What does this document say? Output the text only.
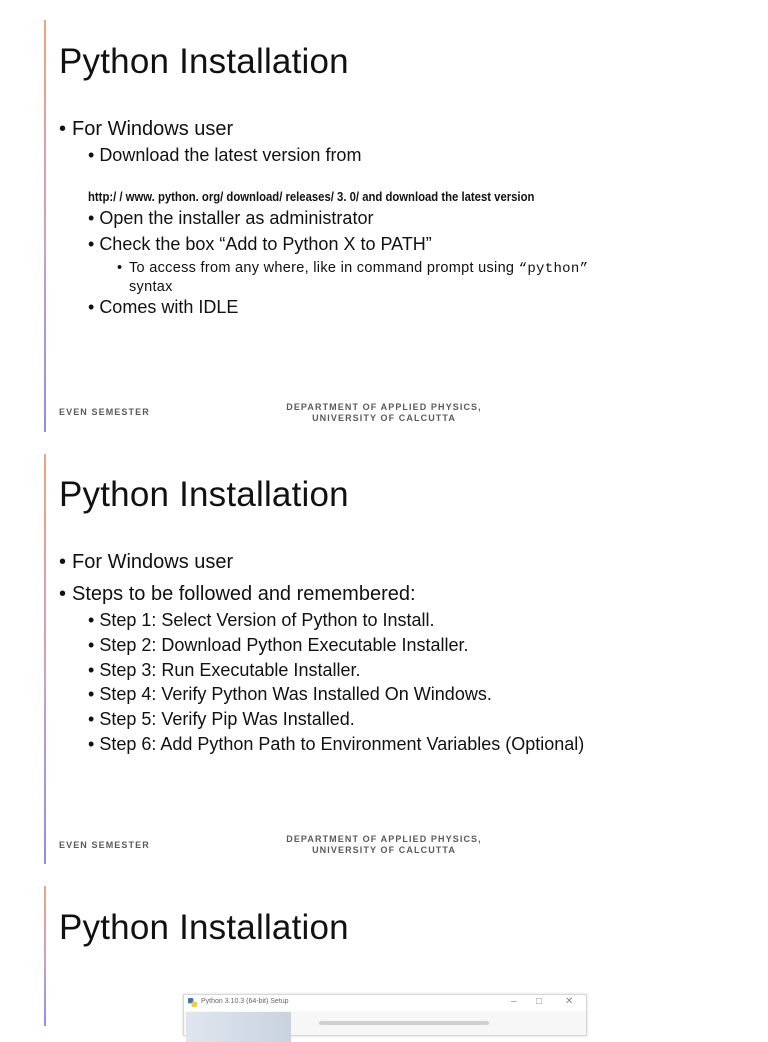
Python Installation
• For Windows user
• Download the latest version from
http:/ / www. python. org/ download/ releases/ 3. 0/ and download the latest version
• Open the installer as administrator
• Check the box “Add to Python X to PATH”
• To access from any where, like in command prompt using “python”
syntax
• Comes with IDLE
EVEN SEMESTER	DEPARTMENT OF APPLIED PHYSICS,
UNIVERSITY OF CALCUTTA
Python Installation
• For Windows user
• Steps to be followed and remembered:
• Step 1: Select Version of Python to Install.
• Step 2: Download Python Executable Installer.
• Step 3: Run Executable Installer.
• Step 4: Verify Python Was Installed On Windows.
• Step 5: Verify Pip Was Installed.
• Step 6: Add Python Path to Environment Variables (Optional)
EVEN SEMESTER
DEPARTMENT OF APPLIED PHYSICS,
UNIVERSITY OF CALCUTTA
Python Installation
Python 3.10.3 (64-bit) Setup	– □ ✕
